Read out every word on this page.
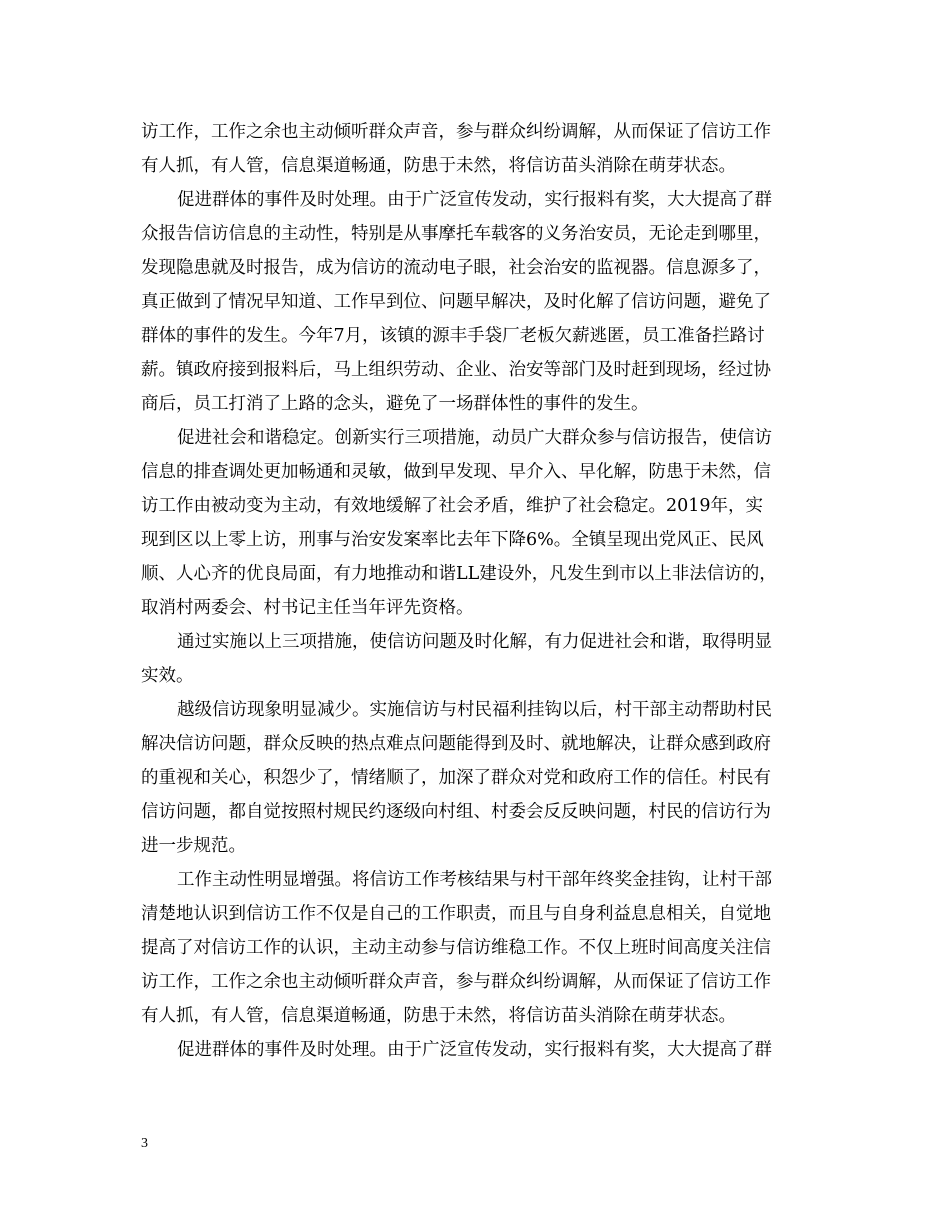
访工作，工作之余也主动倾听群众声音，参与群众纠纷调解，从而保证了信访工作
有人抓，有人管，信息渠道畅通，防患于未然，将信访苗头消除在萌芽状态。
促进群体的事件及时处理。由于广泛宣传发动，实行报料有奖，大大提高了群
众报告信访信息的主动性，特别是从事摩托车载客的义务治安员，无论走到哪里，
发现隐患就及时报告，成为信访的流动电子眼，社会治安的监视器。信息源多了，
真正做到了情况早知道、工作早到位、问题早解决，及时化解了信访问题，避免了
群体的事件的发生。今年7月，该镇的源丰手袋厂老板欠薪逃匿，员工准备拦路讨
薪。镇政府接到报料后，马上组织劳动、企业、治安等部门及时赶到现场，经过协
商后，员工打消了上路的念头，避免了一场群体性的事件的发生。
促进社会和谐稳定。创新实行三项措施，动员广大群众参与信访报告，使信访
信息的排查调处更加畅通和灵敏，做到早发现、早介入、早化解，防患于未然，信
访工作由被动变为主动，有效地缓解了社会矛盾，维护了社会稳定。2019年，实
现到区以上零上访，刑事与治安发案率比去年下降6%。全镇呈现出党风正、民风
顺、人心齐的优良局面，有力地推动和谐LL建设外，凡发生到市以上非法信访的，
取消村两委会、村书记主任当年评先资格。
通过实施以上三项措施，使信访问题及时化解，有力促进社会和谐，取得明显
实效。
越级信访现象明显减少。实施信访与村民福利挂钩以后，村干部主动帮助村民
解决信访问题，群众反映的热点难点问题能得到及时、就地解决，让群众感到政府
的重视和关心，积怨少了，情绪顺了，加深了群众对党和政府工作的信任。村民有
信访问题，都自觉按照村规民约逐级向村组、村委会反反映问题，村民的信访行为
进一步规范。
工作主动性明显增强。将信访工作考核结果与村干部年终奖金挂钩，让村干部
清楚地认识到信访工作不仅是自己的工作职责，而且与自身利益息息相关，自觉地
提高了对信访工作的认识，主动主动参与信访维稳工作。不仅上班时间高度关注信
访工作，工作之余也主动倾听群众声音，参与群众纠纷调解，从而保证了信访工作
有人抓，有人管，信息渠道畅通，防患于未然，将信访苗头消除在萌芽状态。
促进群体的事件及时处理。由于广泛宣传发动，实行报料有奖，大大提高了群
3
